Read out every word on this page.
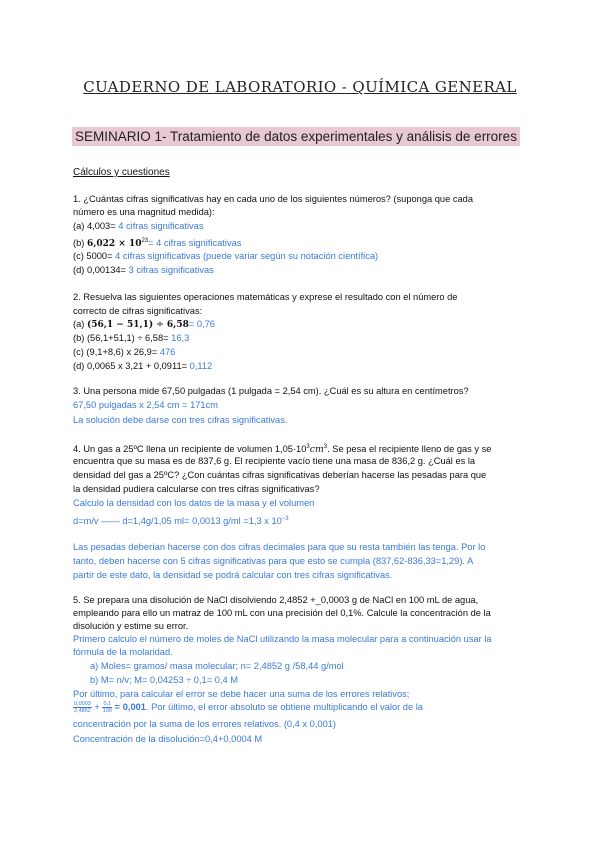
CUADERNO DE LABORATORIO - QUÍMICA GENERAL
SEMINARIO 1- Tratamiento de datos experimentales y análisis de errores
Cálculos y cuestiones
1. ¿Cuántas cifras significativas hay en cada uno de los siguientes números? (suponga que cada
número es una magnitud medida):
(a) 4,003= 4 cifras significativas
(b) $6,022 \times 10^{23}= 4$ cifras significativas
(c) 5000= 4 cifras significativas (puede variar según su notación científica)
(d) 0,00134= 3 cifras significativas
2. Resuelva las siguientes operaciones matemáticas y exprese el resultado con el número de
correcto de cifras significativas:
(a) (56,1 − 51,1) ÷ 6,58= 0,76
(b) (56,1+51,1) ÷ 6,58= 16,3
(c) (9,1+8,6) x 26,9= 476
(d) 0,0065 x 3,21 + 0,0911= 0,112
3. Una persona mide 67,50 pulgadas (1 pulgada = 2,54 cm). ¿Cuál es su altura en centímetros?
67,50 pulgadas x 2,54 cm = 171cm
La solución debe darse con tres cifras significativas.
4. Un gas a 25ºC llena un recipiente de volumen $1,05\cdot 10^3cm^3$. Se pesa el recipiente lleno de gas y se
encuentra que su masa es de 837,6 g. El recipiente vacío tiene una masa de 836,2 g. ¿Cuál es la
densidad del gas a 25ºC? ¿Con cuántas cifras significativas deberían hacerse las pesadas para que
la densidad pudiera calcularse con tres cifras significativas?
Calculo la densidad con los datos de la masa y el volumen
d=m/v —— d=1,4g/1,05 ml= 0,0013 g/ml =1,3 x $10^{-3}$
Las pesadas deberían hacerse con dos cifras decimales para que su resta también las tenga. Por lo
tanto, deben hacerse con 5 cifras significativas para que esto se cumpla (837,62-836,33=1,29). A
partir de este dato, la densidad se podrá calcular con tres cifras significativas.
5. Se prepara una disolución de NaCl disolviendo 2,4852 +_0,0003 g de NaCl en 100 mL de agua,
empleando para ello un matraz de 100 mL con una precisión del 0,1%. Calcule la concentración de la
disolución y estime su error.
Primero calculo el número de moles de NaCl utilizando la masa molecular para a continuación usar la
fórmula de la molaridad.
a) Moles= gramos/ masa molecular; n= 2,4852 g /58,44 g/mol
b) M= n/v; M= 0,04253 ÷ 0,1= 0,4 M
Por último, para calcular el error se debe hacer una suma de los errores relativos;
$\frac{0,0003}{2,4852} + \frac{0,1}{100} = 0,001$. Por último, el error absoluto se obtiene multiplicando el valor de la
concentración por la suma de los errores relativos. (0,4 x 0,001)
Concentración de la disolución=0,4+0,0004 M
